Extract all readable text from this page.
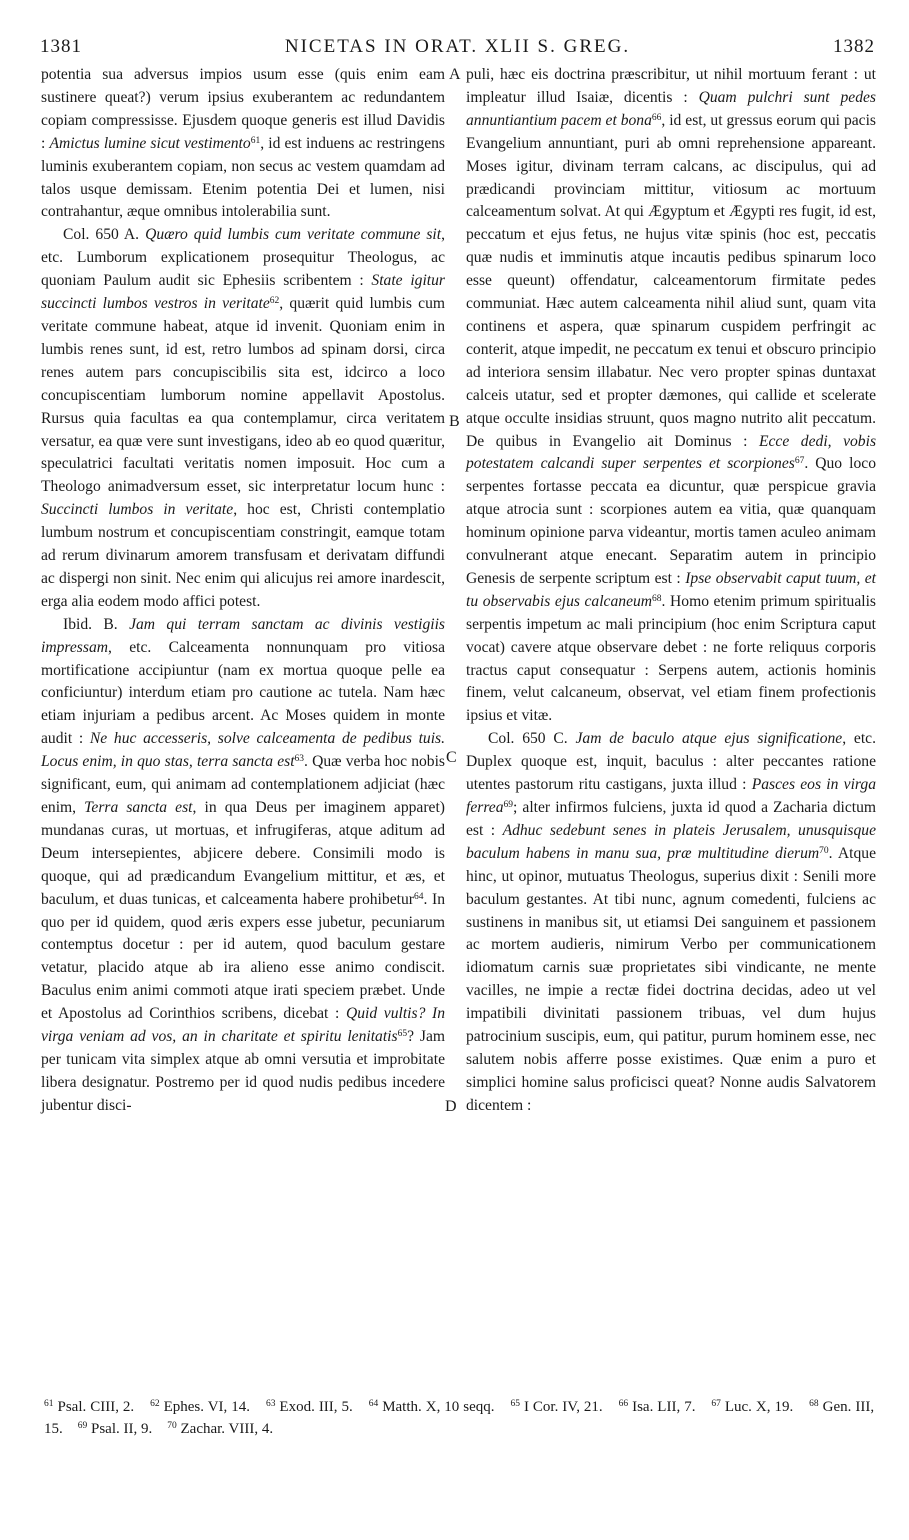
1381	NICETAS IN ORAT. XLII S. GREG.	1382
A
B
C
D

potentia sua adversus impios usum esse (quis enim eam sustinere queat?) verum ipsius exuberantem ac redundantem copiam compressisse. Ejusdem quoque generis est illud Davidis : Amictus lumine sicut vestimento$^{61}$, id est induens ac restringens luminis exuberantem copiam, non secus ac vestem quamdam ad talos usque demissam. Etenim potentia Dei et lumen, nisi contrahantur, æque omnibus intolerabilia sunt.

Col. 650 A. Quæro quid lumbis cum veritate commune sit, etc. Lumborum explicationem prosequitur Theologus, ac quoniam Paulum audit sic Ephesiis scribentem : State igitur succincti lumbos vestros in veritate$^{62}$, quærit quid lumbis cum veritate commune habeat, atque id invenit. Quoniam enim in lumbis renes sunt, id est, retro lumbos ad spinam dorsi, circa renes autem pars concupiscibilis sita est, idcirco a loco concupiscentiam lumborum nomine appellavit Apostolus. Rursus quia facultas ea qua contemplamur, circa veritatem versatur, ea quæ vere sunt investigans, ideo ab eo quod quæritur, speculatrici facultati veritatis nomen imposuit. Hoc cum a Theologo animadversum esset, sic interpretatur locum hunc : Succincti lumbos in veritate, hoc est, Christi contemplatio lumbum nostrum et concupiscentiam constringit, eamque totam ad rerum divinarum amorem transfusam et derivatam diffundi ac dispergi non sinit. Nec enim qui alicujus rei amore inardescit, erga alia eodem modo affici potest.

Ibid. B. Jam qui terram sanctam ac divinis vestigiis impressam, etc. Calceamenta nonnunquam pro vitiosa mortificatione accipiuntur (nam ex mortua quoque pelle ea conficiuntur) interdum etiam pro cautione ac tutela. Nam hæc etiam injuriam a pedibus arcent. Ac Moses quidem in monte audit : Ne huc accesseris, solve calceamenta de pedibus tuis. Locus enim, in quo stas, terra sancta est$^{63}$. Quæ verba hoc nobis significant, eum, qui animam ad contemplationem adjiciat (hæc enim, Terra sancta est, in qua Deus per imaginem apparet) mundanas curas, ut mortuas, et infrugiferas, atque aditum ad Deum intersepientes, abjicere debere. Consimili modo is quoque, qui ad prædicandum Evangelium mittitur, et æs, et baculum, et duas tunicas, et calceamenta habere prohibetur$^{64}$. In quo per id quidem, quod æris expers esse jubetur, pecuniarum contemptus docetur : per id autem, quod baculum gestare vetatur, placido atque ab ira alieno esse animo condiscit. Baculus enim animi commoti atque irati speciem præbet. Unde et Apostolus ad Corinthios scribens, dicebat : Quid vultis? In virga veniam ad vos, an in charitate et spiritu lenitatis$^{65}$? Jam per tunicam vita simplex atque ab omni versutia et improbitate libera designatur. Postremo per id quod nudis pedibus incedere jubentur disci-

puli, hæc eis doctrina præscribitur, ut nihil mortuum ferant : ut impleatur illud Isaiæ, dicentis : Quam pulchri sunt pedes annuntiantium pacem et bona$^{66}$, id est, ut gressus eorum qui pacis Evangelium annuntiant, puri ab omni reprehensione appareant. Moses igitur, divinam terram calcans, ac discipulus, qui ad prædicandi provinciam mittitur, vitiosum ac mortuum calceamentum solvat. At qui Ægyptum et Ægypti res fugit, id est, peccatum et ejus fetus, ne hujus vitæ spinis (hoc est, peccatis quæ nudis et imminutis atque incautis pedibus spinarum loco esse queunt) offendatur, calceamentorum firmitate pedes communiat. Hæc autem calceamenta nihil aliud sunt, quam vita continens et aspera, quæ spinarum cuspidem perfringit ac conterit, atque impedit, ne peccatum ex tenui et obscuro principio ad interiora sensim illabatur. Nec vero propter spinas duntaxat calceis utatur, sed et propter dæmones, qui callide et scelerate atque occulte insidias struunt, quos magno nutrito alit peccatum. De quibus in Evangelio ait Dominus : Ecce dedi, vobis potestatem calcandi super serpentes et scorpiones$^{67}$. Quo loco serpentes fortasse peccata ea dicuntur, quæ perspicue gravia atque atrocia sunt : scorpiones autem ea vitia, quæ quanquam hominum opinione parva videantur, mortis tamen aculeo animam convulnerant atque enecant. Separatim autem in principio Genesis de serpente scriptum est : Ipse observabit caput tuum, et tu observabis ejus calcaneum$^{68}$. Homo etenim primum spiritualis serpentis impetum ac mali principium (hoc enim Scriptura caput vocat) cavere atque observare debet : ne forte reliquus corporis tractus caput consequatur : Serpens autem, actionis hominis finem, velut calcaneum, observat, vel etiam finem profectionis ipsius et vitæ.

Col. 650 C. Jam de baculo atque ejus significatione, etc. Duplex quoque est, inquit, baculus : alter peccantes ratione utentes pastorum ritu castigans, juxta illud : Pasces eos in virga ferrea$^{69}$; alter infirmos fulciens, juxta id quod a Zacharia dictum est : Adhuc sedebunt senes in plateis Jerusalem, unusquisque baculum habens in manu sua, præ multitudine dierum$^{70}$. Atque hinc, ut opinor, mutuatus Theologus, superius dixit : Senili more baculum gestantes. At tibi nunc, agnum comedenti, fulciens ac sustinens in manibus sit, ut etiamsi Dei sanguinem et passionem ac mortem audieris, nimirum Verbo per communicationem idiomatum carnis suæ proprietates sibi vindicante, ne mente vacilles, ne impie a rectæ fidei doctrina decidas, adeo ut vel impatibili divinitati passionem tribuas, vel dum hujus patrocinium suscipis, eum, qui patitur, purum hominem esse, nec salutem nobis afferre posse existimes. Quæ enim a puro et simplici homine salus proficisci queat? Nonne audis Salvatorem dicentem :

$^{61}$ Psal. CIII, 2. $^{62}$ Ephes. VI, 14. $^{63}$ Exod. III, 5. $^{64}$ Matth. X, 10 seqq. $^{65}$ I Cor. IV, 21. $^{66}$ Isa. LII, 7. $^{67}$ Luc. X, 19. $^{68}$ Gen. III, 15. $^{69}$ Psal. II, 9. $^{70}$ Zachar. VIII, 4.
